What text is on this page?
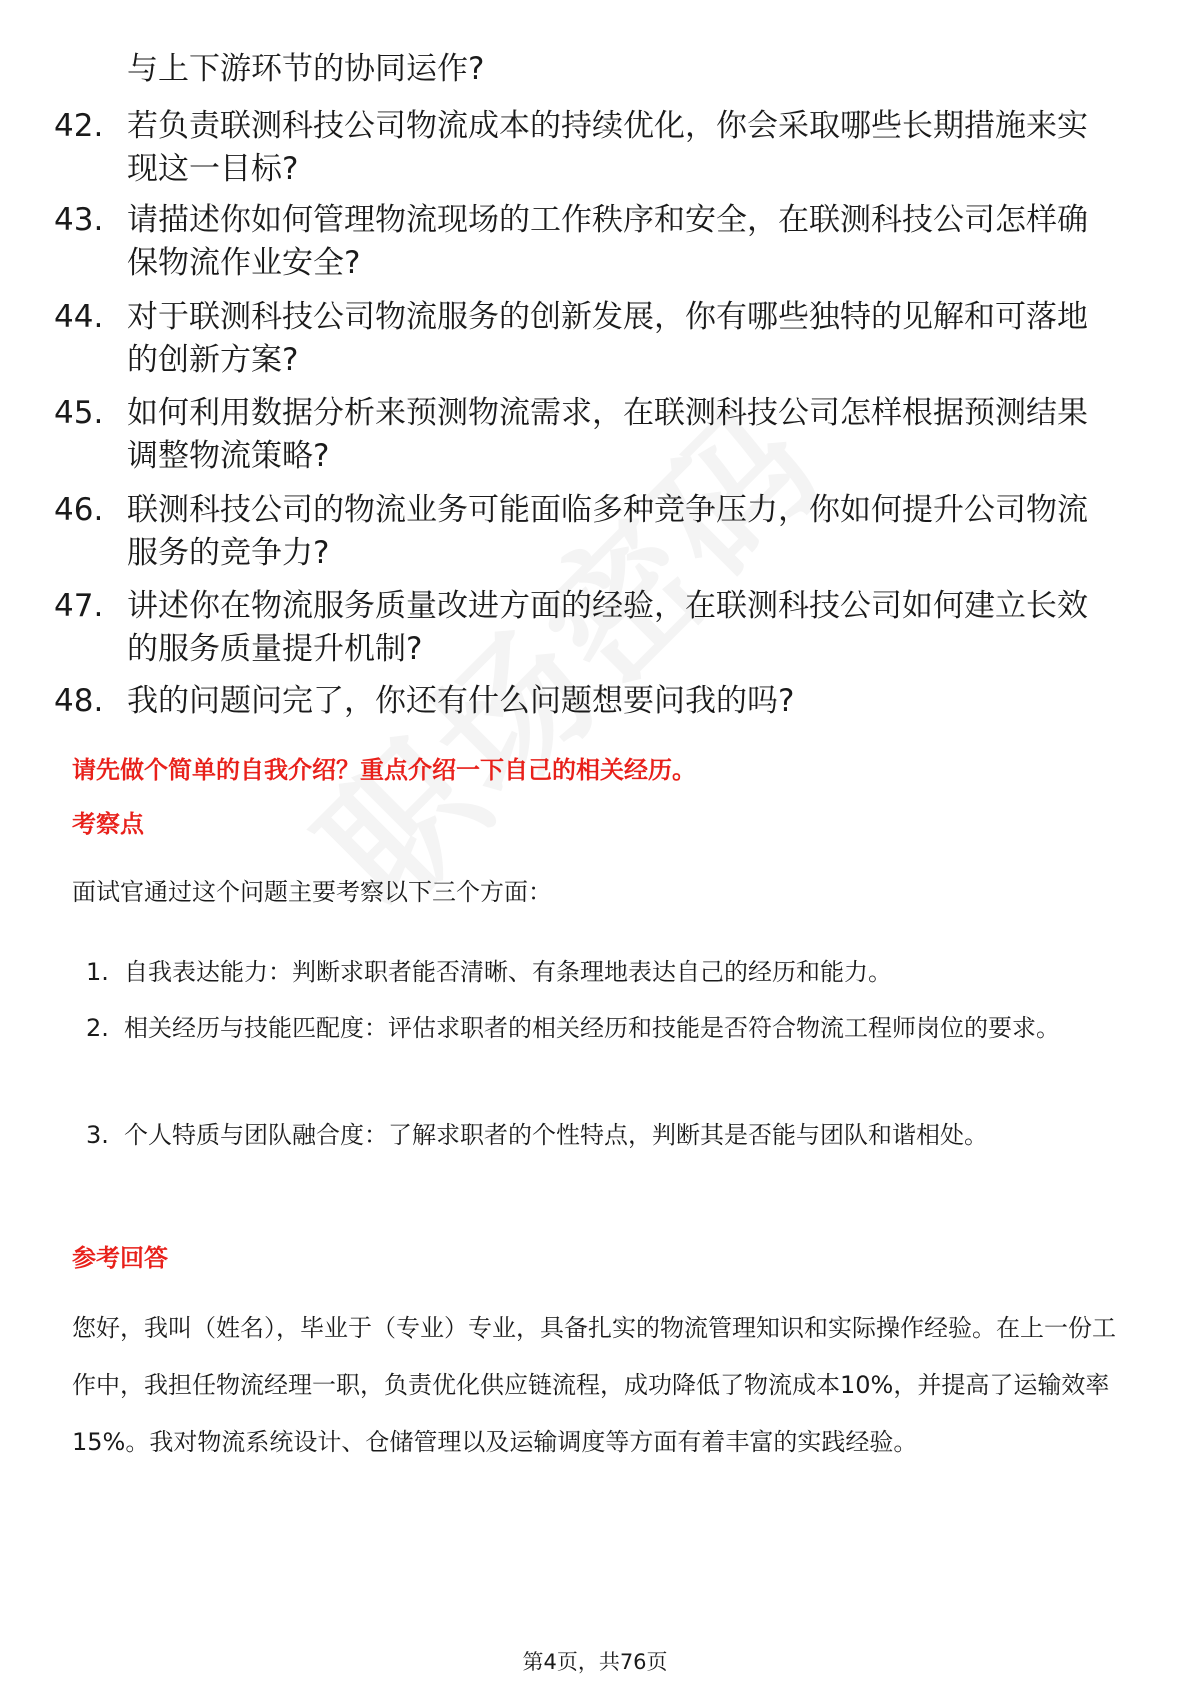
与上下游环节的协同运作?
42. 若负责联测科技公司物流成本的持续优化，你会采取哪些长期措施来实现这一目标?
43. 请描述你如何管理物流现场的工作秩序和安全，在联测科技公司怎样确保物流作业安全?
44. 对于联测科技公司物流服务的创新发展，你有哪些独特的见解和可落地的创新方案?
45. 如何利用数据分析来预测物流需求，在联测科技公司怎样根据预测结果调整物流策略?
46. 联测科技公司的物流业务可能面临多种竞争压力，你如何提升公司物流服务的竞争力?
47. 讲述你在物流服务质量改进方面的经验，在联测科技公司如何建立长效的服务质量提升机制?
48. 我的问题问完了，你还有什么问题想要问我的吗?
请先做个简单的自我介绍？重点介绍一下自己的相关经历。
考察点
面试官通过这个问题主要考察以下三个方面：
1. 自我表达能力：判断求职者能否清晰、有条理地表达自己的经历和能力。
2. 相关经历与技能匹配度：评估求职者的相关经历和技能是否符合物流工程师岗位的要求。
3. 个人特质与团队融合度：了解求职者的个性特点，判断其是否能与团队和谐相处。
参考回答
您好，我叫（姓名），毕业于（专业）专业，具备扎实的物流管理知识和实际操作经验。在上一份工作中，我担任物流经理一职，负责优化供应链流程，成功降低了物流成本10%，并提高了运输效率15%。我对物流系统设计、仓储管理以及运输调度等方面有着丰富的实践经验。
第4页，共76页
